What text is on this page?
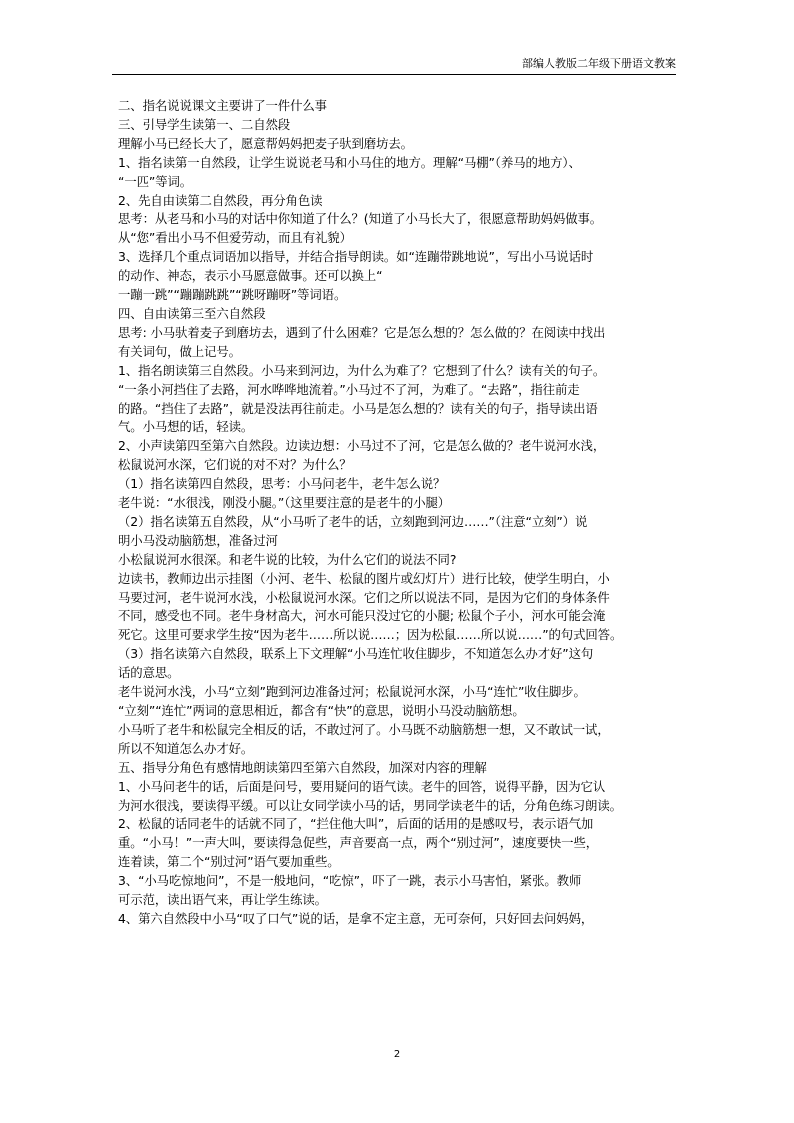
部编人教版二年级下册语文教案
二、指名说说课文主要讲了一件什么事
三、引导学生读第一、二自然段
理解小马已经长大了，愿意帮妈妈把麦子驮到磨坊去。
1、指名读第一自然段，让学生说说老马和小马住的地方。理解“马棚”（养马的地方）、
“一匹”等词。
2、先自由读第二自然段，再分角色读
思考：从老马和小马的对话中你知道了什么？(知道了小马长大了，很愿意帮助妈妈做事。
从“您”看出小马不但爱劳动，而且有礼貌）
3、选择几个重点词语加以指导，并结合指导朗读。如“连蹦带跳地说”，写出小马说话时
的动作、神态，表示小马愿意做事。还可以换上“
一蹦一跳”“蹦蹦跳跳”“跳呀蹦呀”等词语。
四、自由读第三至六自然段
思考: 小马驮着麦子到磨坊去，遇到了什么困难？它是怎么想的？怎么做的？在阅读中找出
有关词句，做上记号。
1、指名朗读第三自然段。小马来到河边，为什么为难了？它想到了什么？读有关的句子。
“一条小河挡住了去路，河水哗哗地流着。”小马过不了河，为难了。“去路”，指往前走
的路。“挡住了去路”，就是没法再往前走。小马是怎么想的？读有关的句子，指导读出语
气。小马想的话，轻读。
2、小声读第四至第六自然段。边读边想：小马过不了河，它是怎么做的？老牛说河水浅，
松鼠说河水深，它们说的对不对？为什么？
（1）指名读第四自然段，思考：小马问老牛，老牛怎么说？
老牛说：“水很浅，刚没小腿。”（这里要注意的是老牛的小腿）
（2）指名读第五自然段，从“小马听了老牛的话，立刻跑到河边……”（注意“立刻”）说
明小马没动脑筋想，准备过河
小松鼠说河水很深。和老牛说的比较，为什么它们的说法不同?
边读书，教师边出示挂图（小河、老牛、松鼠的图片或幻灯片）进行比较，使学生明白，小
马要过河，老牛说河水浅，小松鼠说河水深。它们之所以说法不同，是因为它们的身体条件
不同，感受也不同。老牛身材高大，河水可能只没过它的小腿; 松鼠个子小，河水可能会淹
死它。这里可要求学生按“因为老牛……所以说……；因为松鼠……所以说……”的句式回答。
（3）指名读第六自然段，联系上下文理解“小马连忙收住脚步，不知道怎么办才好”这句
话的意思。
老牛说河水浅，小马“立刻”跑到河边准备过河；松鼠说河水深，小马“连忙”收住脚步。
“立刻”“连忙”两词的意思相近，都含有“快”的意思，说明小马没动脑筋想。
小马听了老牛和松鼠完全相反的话，不敢过河了。小马既不动脑筋想一想，又不敢试一试，
所以不知道怎么办才好。
五、指导分角色有感情地朗读第四至第六自然段，加深对内容的理解
1、小马问老牛的话，后面是问号，要用疑问的语气读。老牛的回答，说得平静，因为它认
为河水很浅，要读得平缓。可以让女同学读小马的话，男同学读老牛的话，分角色练习朗读。
2、松鼠的话同老牛的话就不同了，“拦住他大叫”，后面的话用的是感叹号，表示语气加
重。“小马！”一声大叫，要读得急促些，声音要高一点，两个“别过河”，速度要快一些，
连着读，第二个“别过河”语气要加重些。
3、“小马吃惊地问”，不是一般地问，“吃惊”，吓了一跳，表示小马害怕，紧张。教师
可示范，读出语气来，再让学生练读。
4、第六自然段中小马“叹了口气”说的话，是拿不定主意，无可奈何，只好回去问妈妈，
2
